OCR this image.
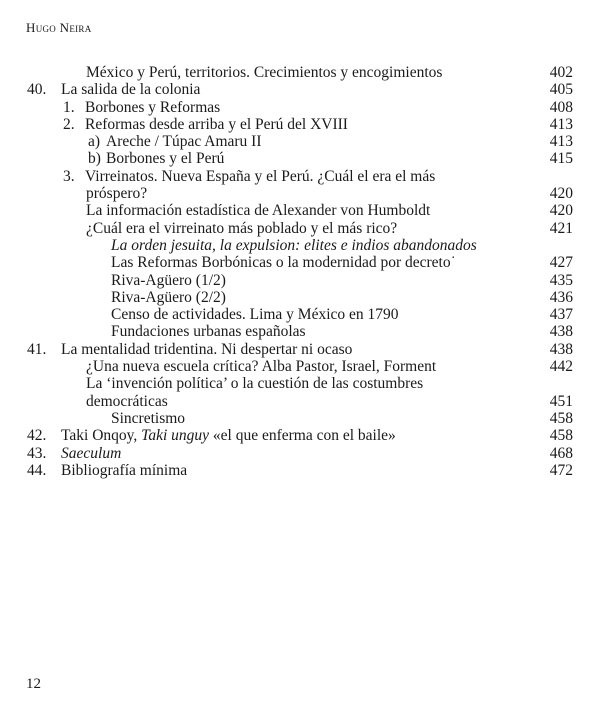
Hugo Neira
México y Perú, territorios. Crecimientos y encogimientos	402
40. La salida de la colonia	405
1. Borbones y Reformas	408
2. Reformas desde arriba y el Perú del XVIII	413
a) Areche / Túpac Amaru II	413
b) Borbones y el Perú	415
3. Virreinatos. Nueva España y el Perú. ¿Cuál el era el más
próspero?	420
La información estadística de Alexander von Humboldt	420
¿Cuál era el virreinato más poblado y el más rico?	421
La orden jesuita, la expulsion: elites e indios abandonados
Las Reformas Borbónicas o la modernidad por decreto˙	427
Riva-Agüero (1/2)	435
Riva-Agüero (2/2)	436
Censo de actividades. Lima y México en 1790	437
Fundaciones urbanas españolas	438
41. La mentalidad tridentina. Ni despertar ni ocaso	438
¿Una nueva escuela crítica? Alba Pastor, Israel, Forment	442
La ‘invención política’ o la cuestión de las costumbres
democráticas	451
Sincretismo	458
42. Taki Onqoy, Taki unguy «el que enferma con el baile»	458
43. Saeculum	468
44. Bibliografía mínima	472
12
